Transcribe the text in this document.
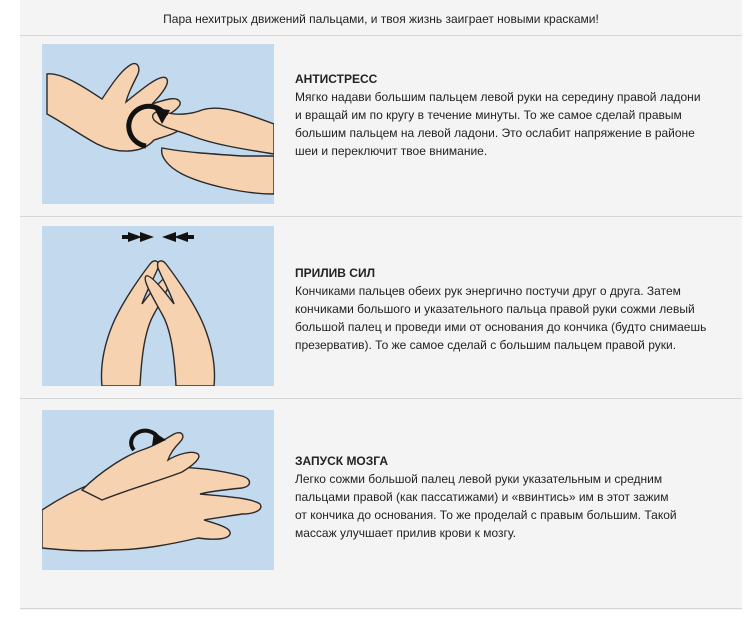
Пара нехитрых движений пальцами, и твоя жизнь заиграет новыми красками!
АНТИСТРЕСС

Мягко надави большим пальцем левой руки на середину правой ладони

и вращай им по кругу в течение минуты. То же самое сделай правым

большим пальцем на левой ладони. Это ослабит напряжение в районе

шеи и переключит твое внимание.

ПРИЛИВ СИЛ

Кончиками пальцев обеих рук энергично постучи друг о друга. Затем

кончиками большого и указательного пальца правой руки сожми левый

большой палец и проведи ими от основания до кончика (будто снимаешь

презерватив). То же самое сделай с большим пальцем правой руки.

ЗАПУСК МОЗГА

Легко сожми большой палец левой руки указательным и средним

пальцами правой (как пассатижами) и «ввинтись» им в этот зажим

от кончика до основания. То же проделай с правым большим. Такой

массаж улучшает прилив крови к мозгу.
